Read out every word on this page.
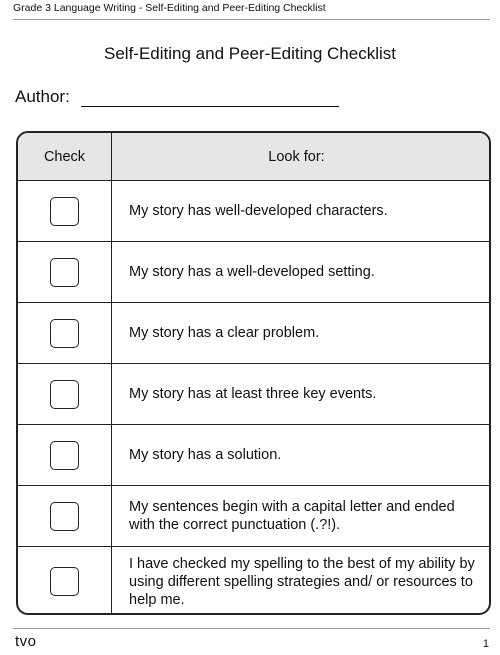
Grade 3 Language Writing - Self-Editing and Peer-Editing Checklist
Self-Editing and Peer-Editing Checklist
Author:
Check	Look for:
My story has well-developed characters.
My story has a well-developed setting.
My story has a clear problem.
My story has at least three key events.
My story has a solution.
My sentences begin with a capital letter and ended with the correct punctuation (.?!).
I have checked my spelling to the best of my ability by using different spelling strategies and/ or resources to help me.
tvo	1
